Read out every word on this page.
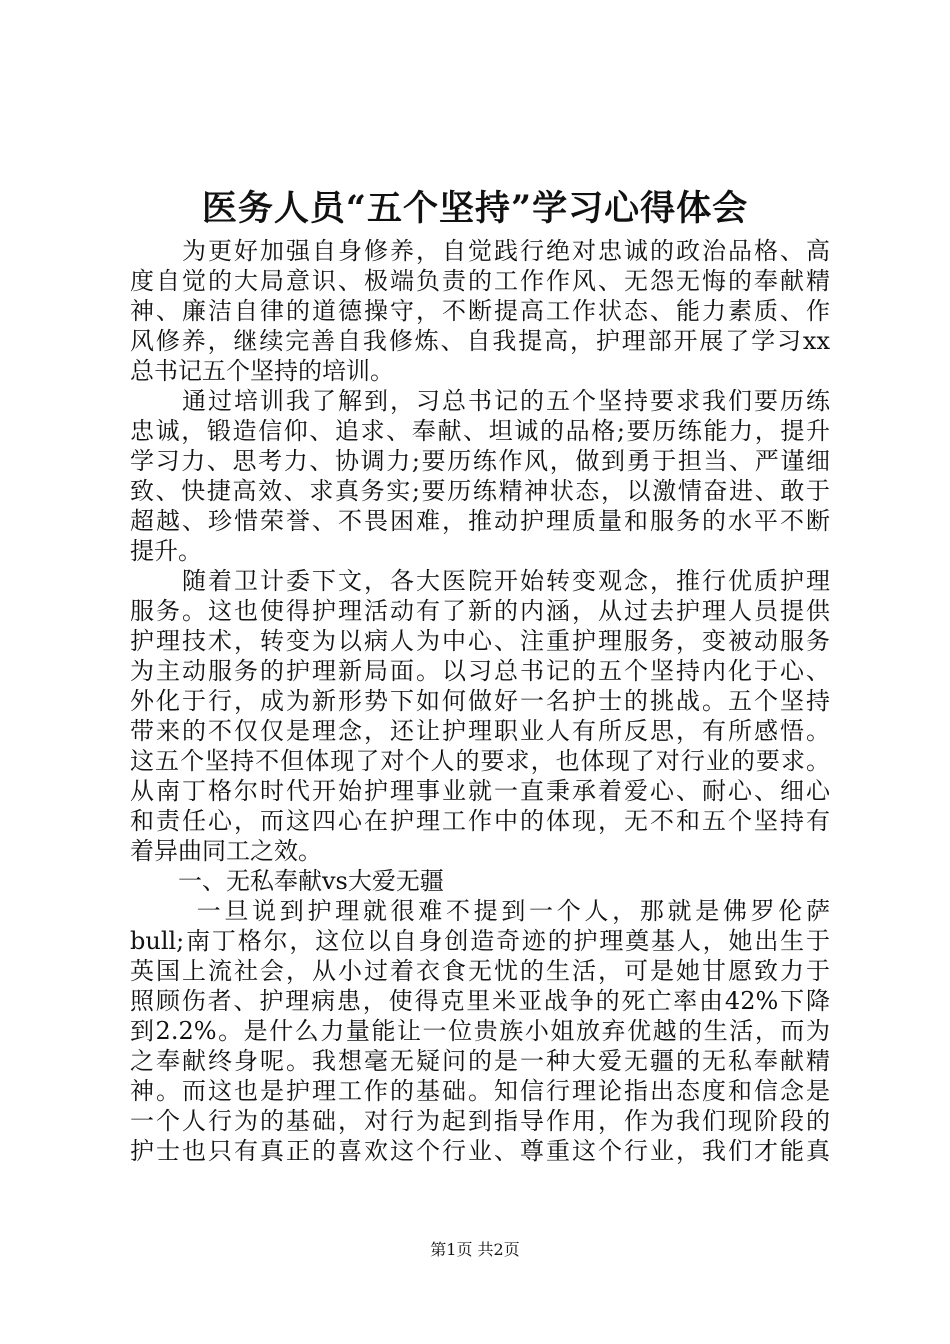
医务人员“五个坚持”学习心得体会
　　为更好加强自身修养，自觉践行绝对忠诚的政治品格、高
度自觉的大局意识、极端负责的工作作风、无怨无悔的奉献精
神、廉洁自律的道德操守，不断提高工作状态、能力素质、作
风修养，继续完善自我修炼、自我提高，护理部开展了学习xx
总书记五个坚持的培训。
　　通过培训我了解到，习总书记的五个坚持要求我们要历练
忠诚，锻造信仰、追求、奉献、坦诚的品格;要历练能力，提升
学习力、思考力、协调力;要历练作风，做到勇于担当、严谨细
致、快捷高效、求真务实;要历练精神状态，以激情奋进、敢于
超越、珍惜荣誉、不畏困难，推动护理质量和服务的水平不断
提升。
　　随着卫计委下文，各大医院开始转变观念，推行优质护理
服务。这也使得护理活动有了新的内涵，从过去护理人员提供
护理技术，转变为以病人为中心、注重护理服务，变被动服务
为主动服务的护理新局面。以习总书记的五个坚持内化于心、
外化于行，成为新形势下如何做好一名护士的挑战。五个坚持
带来的不仅仅是理念，还让护理职业人有所反思，有所感悟。
这五个坚持不但体现了对个人的要求，也体现了对行业的要求。
从南丁格尔时代开始护理事业就一直秉承着爱心、耐心、细心
和责任心，而这四心在护理工作中的体现，无不和五个坚持有
着异曲同工之效。
　　一、无私奉献vs大爱无疆
　　 一旦说到护理就很难不提到一个人，那就是佛罗伦萨
bull;南丁格尔，这位以自身创造奇迹的护理奠基人，她出生于
英国上流社会，从小过着衣食无忧的生活，可是她甘愿致力于
照顾伤者、护理病患，使得克里米亚战争的死亡率由42%下降
到2.2%。是什么力量能让一位贵族小姐放弃优越的生活，而为
之奉献终身呢。我想毫无疑问的是一种大爱无疆的无私奉献精
神。而这也是护理工作的基础。知信行理论指出态度和信念是
一个人行为的基础，对行为起到指导作用，作为我们现阶段的
护士也只有真正的喜欢这个行业、尊重这个行业，我们才能真
第1页 共2页
